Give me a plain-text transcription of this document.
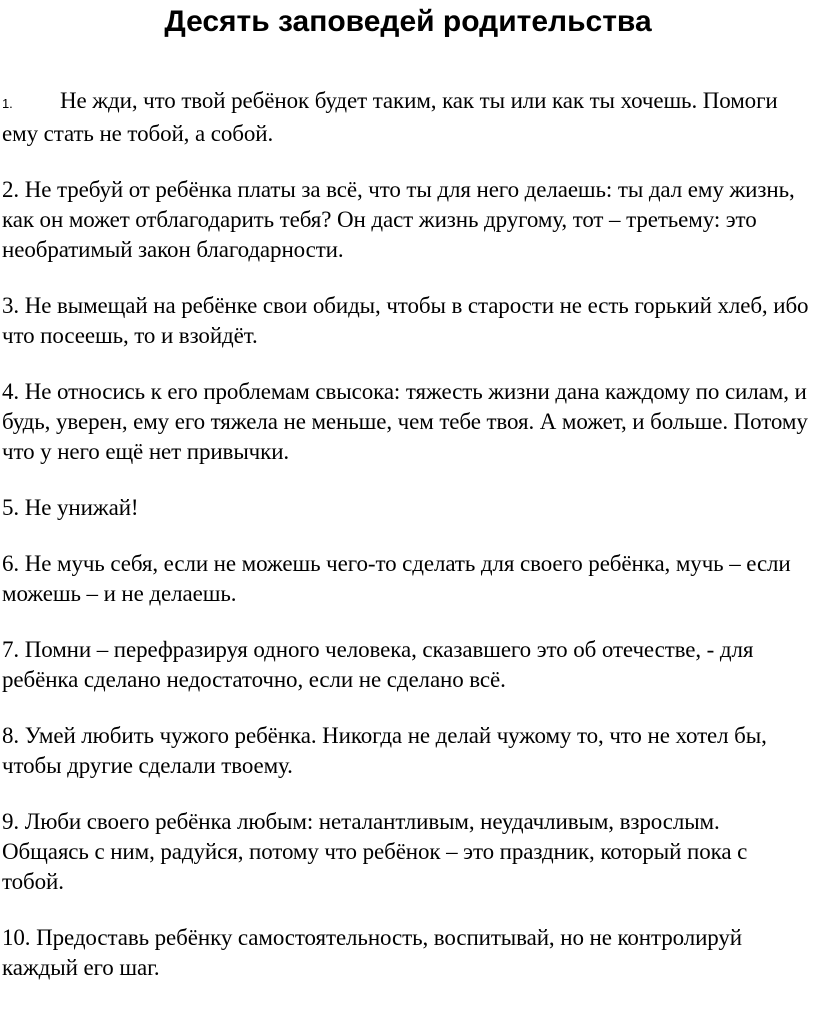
Десять заповедей родительства

1. Не жди, что твой ребёнок будет таким, как ты или как ты хочешь. Помоги ему стать не тобой, а собой.

2. Не требуй от ребёнка платы за всё, что ты для него делаешь: ты дал ему жизнь, как он может отблагодарить тебя? Он даст жизнь другому, тот – третьему: это необратимый закон благодарности.

3. Не вымещай на ребёнке свои обиды, чтобы в старости не есть горький хлеб, ибо что посеешь, то и взойдёт.

4. Не относись к его проблемам свысока: тяжесть жизни дана каждому по силам, и будь, уверен, ему его тяжела не меньше, чем тебе твоя. А может, и больше. Потому что у него ещё нет привычки.

5. Не унижай!

6. Не мучь себя, если не можешь чего-то сделать для своего ребёнка, мучь – если можешь – и не делаешь.

7. Помни – перефразируя одного человека, сказавшего это об отечестве, - для ребёнка сделано недостаточно, если не сделано всё.

8. Умей любить чужого ребёнка. Никогда не делай чужому то, что не хотел бы, чтобы другие сделали твоему.

9. Люби своего ребёнка любым: неталантливым, неудачливым, взрослым. Общаясь с ним, радуйся, потому что ребёнок – это праздник, который пока с тобой.

10. Предоставь ребёнку самостоятельность, воспитывай, но не контролируй каждый его шаг.
